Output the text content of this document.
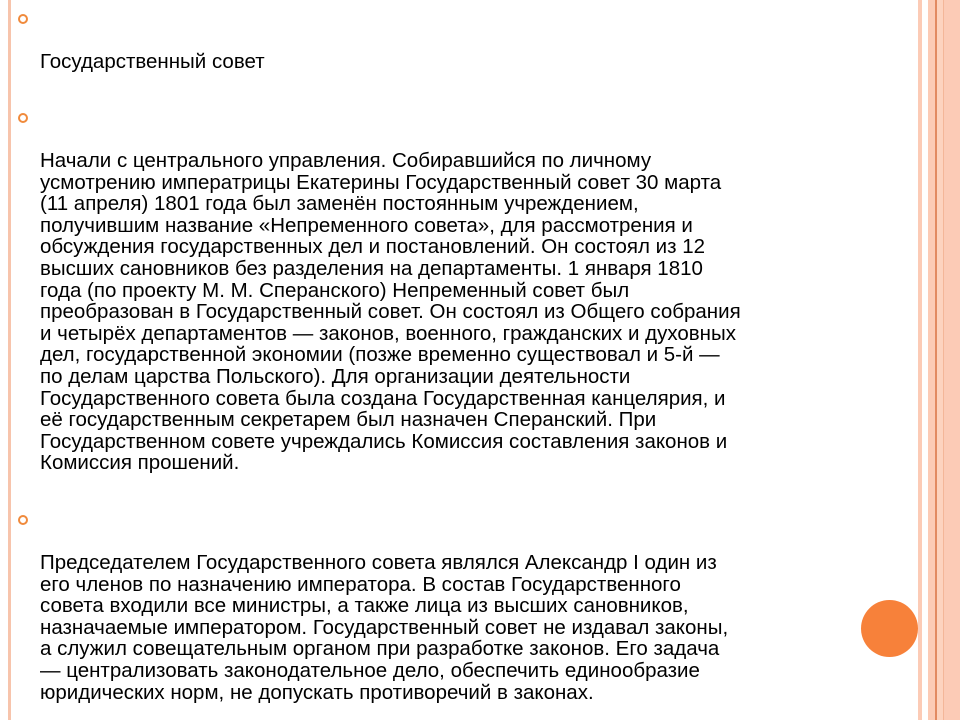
Государственный совет

Начали с центрального управления. Собиравшийся по личному
усмотрению императрицы Екатерины Государственный совет 30 марта
(11 апреля) 1801 года был заменён постоянным учреждением,
получившим название «Непременного совета», для рассмотрения и
обсуждения государственных дел и постановлений. Он состоял из 12
высших сановников без разделения на департаменты. 1 января 1810
года (по проекту М. М. Сперанского) Непременный совет был
преобразован в Государственный совет. Он состоял из Общего собрания
и четырёх департаментов — законов, военного, гражданских и духовных
дел, государственной экономии (позже временно существовал и 5-й —
по делам царства Польского). Для организации деятельности
Государственного совета была создана Государственная канцелярия, и
её государственным секретарем был назначен Сперанский. При
Государственном совете учреждались Комиссия составления законов и
Комиссия прошений.

Председателем Государственного совета являлся Александр I один из
его членов по назначению императора. В состав Государственного
совета входили все министры, а также лица из высших сановников,
назначаемые императором. Государственный совет не издавал законы,
а служил совещательным органом при разработке законов. Его задача
— централизовать законодательное дело, обеспечить единообразие
юридических норм, не допускать противоречий в законах.
